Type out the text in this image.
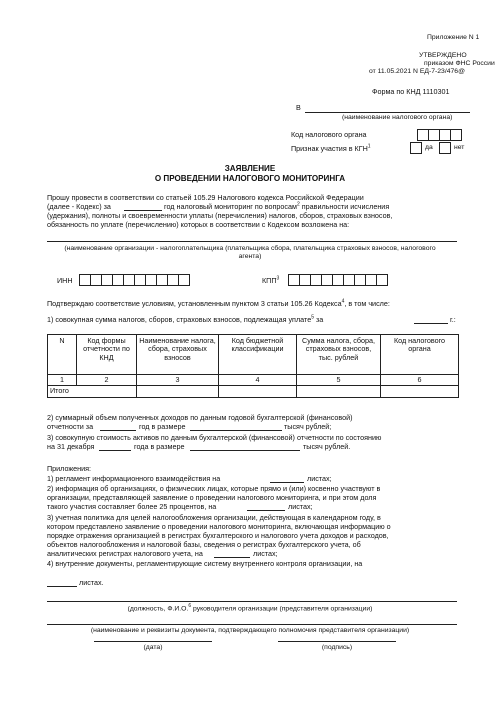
Приложение N 1
УТВЕРЖДЕНО
приказом ФНС России
от 11.05.2021 N ЕД-7-23/476@
Форма по КНД 1110301
В
(наименование налогового органа)
Код налогового органа
Признак участия в КГН$^1$	да	нет
ЗАЯВЛЕНИЕ
О ПРОВЕДЕНИИ НАЛОГОВОГО МОНИТОРИНГА
Прошу провести в соответствии со статьей 105.29 Налогового кодекса Российской Федерации
(далее - Кодекс) за	год налоговый мониторинг по вопросам$^2$ правильности исчисления
(удержания), полноты и своевременности уплаты (перечисления) налогов, сборов, страховых взносов,
обязанность по уплате (перечислению) которых в соответствии с Кодексом возложена на:
(наименование организации - налогоплательщика (плательщика сбора, плательщика страховых взносов, налогового
агента)
ИНН	КПП$^3$
Подтверждаю соответствие условиям, установленным пунктом 3 статьи 105.26 Кодекса$^4$, в том числе:
1) совокупная сумма налогов, сборов, страховых взносов, подлежащая уплате$^5$ за	г.:
N	Код формы отчетности по КНД	Наименование налога, сбора, страховых взносов	Код бюджетной классификации	Сумма налога, сбора, страховых взносов, тыс. рублей	Код налогового органа
1	2	3	4	5	6
Итого					
2) суммарный объем полученных доходов по данным годовой бухгалтерской (финансовой)
отчетности за	год в размере	тысяч рублей;
3) совокупную стоимость активов по данным бухгалтерской (финансовой) отчетности по состоянию
на 31 декабря	года в размере	тысяч рублей.
Приложения:
1) регламент информационного взаимодействия на	листах;
2) информация об организациях, о физических лицах, которые прямо и (или) косвенно участвуют в
организации, представляющей заявление о проведении налогового мониторинга, и при этом доля
такого участия составляет более 25 процентов, на	листах;
3) учетная политика для целей налогообложения организации, действующая в календарном году, в
котором представлено заявление о проведении налогового мониторинга, включающая информацию о
порядке отражения организацией в регистрах бухгалтерского и налогового учета доходов и расходов,
объектов налогообложения и налоговой базы, сведения о регистрах бухгалтерского учета, об
аналитических регистрах налогового учета, на	листах;
4) внутренние документы, регламентирующие систему внутреннего контроля организации, на
листах.
(должность, Ф.И.О.$^6$ руководителя организации (представителя организации)
(наименование и реквизиты документа, подтверждающего полномочия представителя организации)
(дата)	(подпись)
